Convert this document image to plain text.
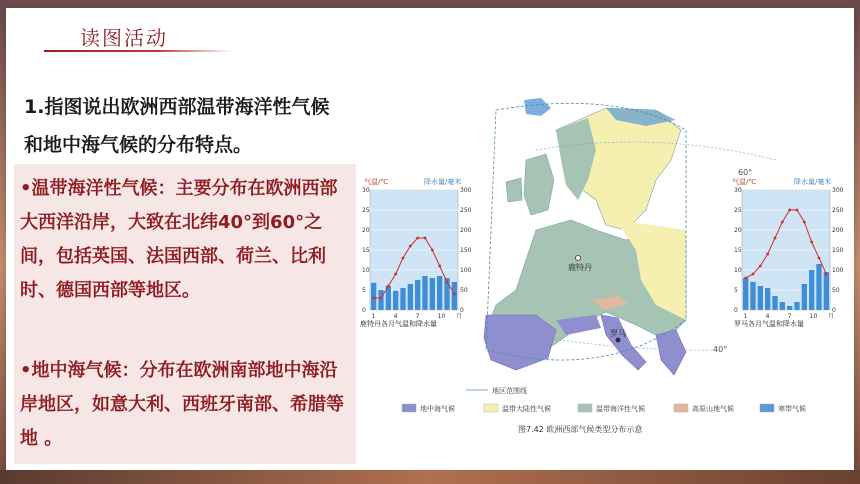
读图活动
1.指图说出欧洲西部温带海洋性气候和地中海气候的分布特点。
•温带海洋性气候：主要分布在欧洲西部大西洋沿岸，大致在北纬40°到60°之间，包括英国、法国西部、荷兰、比利时、德国西部等地区。
•地中海气候：分布在欧洲南部地中海沿岸地区，如意大利、西班牙南部、希腊等地 。
40°
60°
鹿特丹
罗马
0
5
10
15
20
25
30
0
50
100
150
200
250
300
1	4	7	10 月
气温/℃	降水量/毫米
鹿特丹各月气温和降水量
0
5
10
15
20
25
30
0
50
100
150
200
250
300
1	4	7	10 月
气温/℃	降水量/毫米
罗马各月气温和降水量
地区范围线
地中海气候	温带大陆性气候	温带海洋性气候	高原山地气候	寒带气候
图7.42 欧洲西部气候类型分布示意
